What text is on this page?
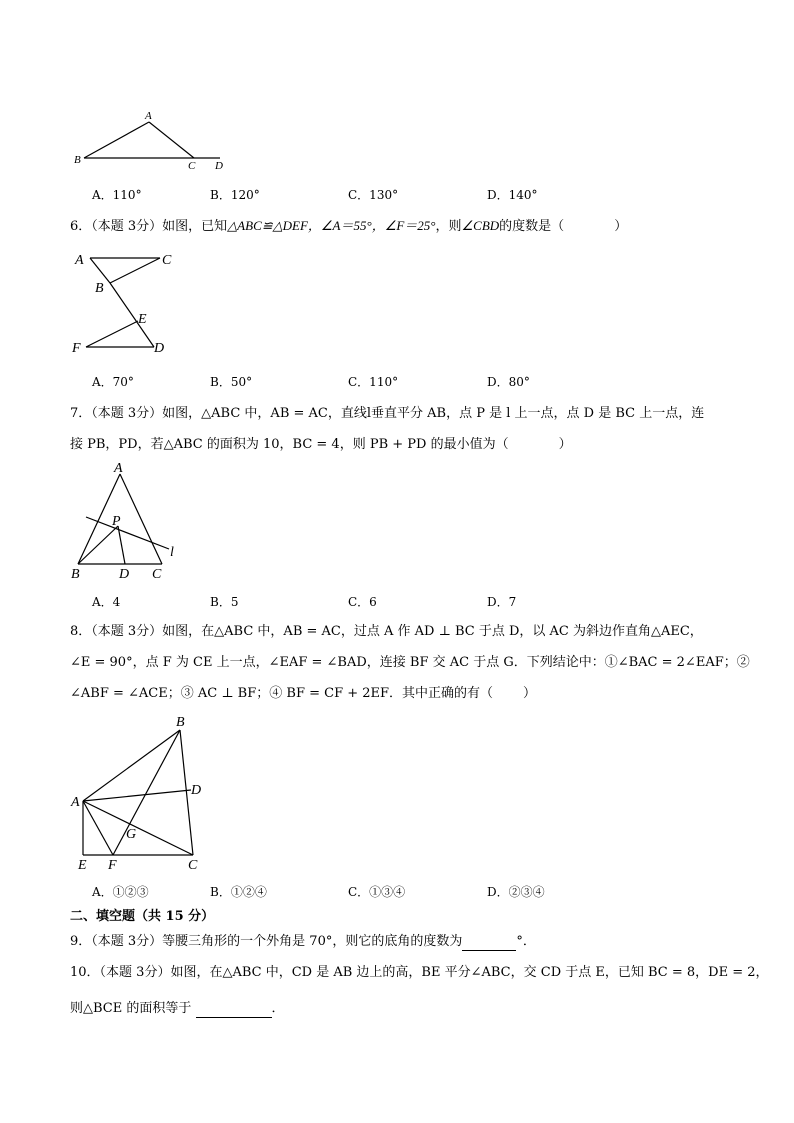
A
B	C D
A．110°	B．120°	C．130°	D．140°
6．（本题 3分）如图，已知△ABC≌△DEF，∠A＝55°，∠F＝25°，则∠CBD的度数是（	）
A	C
B
E
F	D
A．70°	B．50°	C．110°	D．80°
7．（本题 3分）如图，△ABC 中，AB = AC，直线l垂直平分 AB，点 P 是 l 上一点，点 D 是 BC 上一点，连
接 PB，PD，若△ABC 的面积为 10，BC = 4，则 PB + PD 的最小值为（	）
A
P
l
B	D C
A．4	B．5	C．6	D．7
8．（本题 3分）如图，在△ABC 中，AB = AC，过点 A 作 AD ⊥ BC 于点 D，以 AC 为斜边作直角△AEC，
∠E = 90°，点 F 为 CE 上一点，∠EAF = ∠BAD，连接 BF 交 AC 于点 G．下列结论中：①∠BAC = 2∠EAF；②
∠ABF = ∠ACE；③ AC ⊥ BF；④ BF = CF + 2EF．其中正确的有（ ）
B
D
A
G
E F	C
A．①②③	B．①②④	C．①③④	D．②③④
二、填空题（共 15 分）
9．（本题 3分）等腰三角形的一个外角是 70°，则它的底角的度数为	°．
10．（本题 3分）如图，在△ABC 中，CD 是 AB 边上的高，BE 平分∠ABC，交 CD 于点 E，已知 BC = 8，DE = 2，
则△BCE 的面积等于	．
